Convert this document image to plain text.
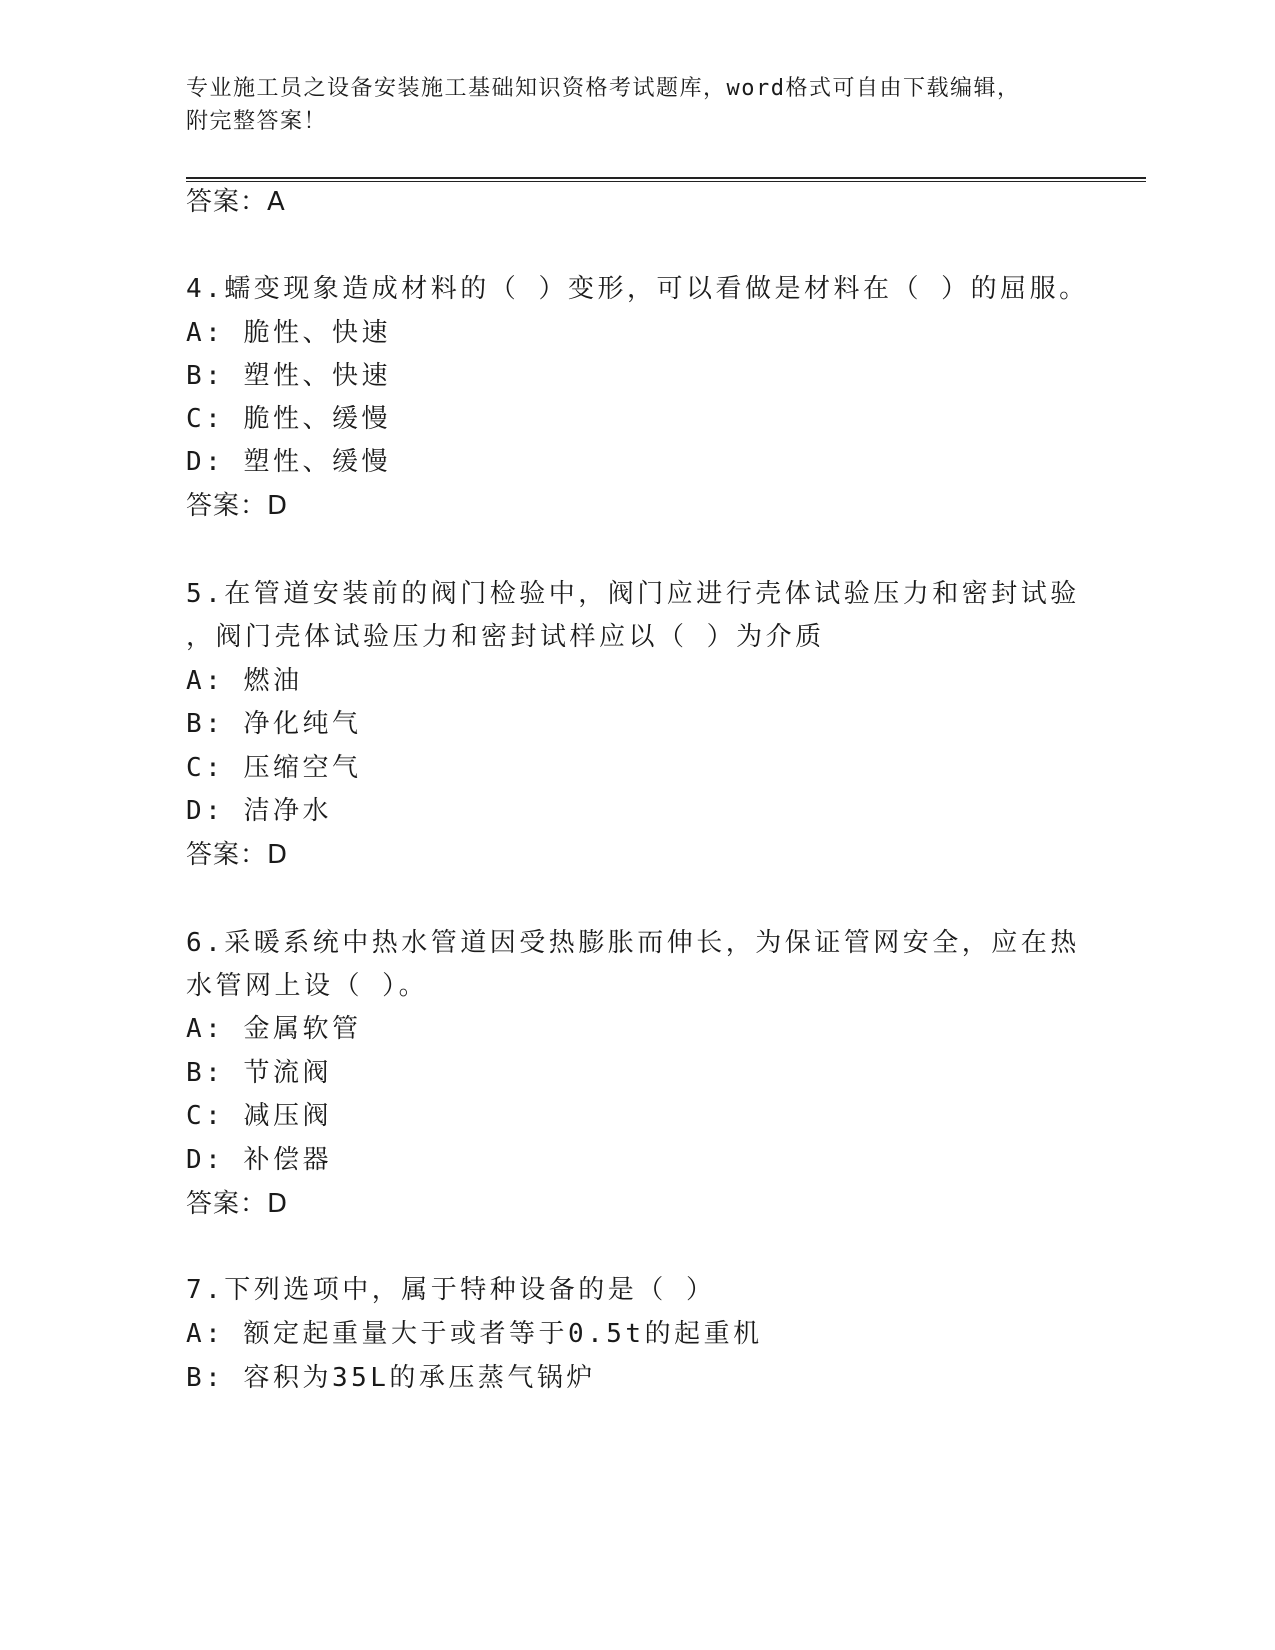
专业施工员之设备安装施工基础知识资格考试题库，word格式可自由下载编辑，
附完整答案！
答案：A
4.蠕变现象造成材料的（ ）变形，可以看做是材料在（ ）的屈服。
A: 脆性、快速
B: 塑性、快速
C: 脆性、缓慢
D: 塑性、缓慢
答案：D
5.在管道安装前的阀门检验中，阀门应进行壳体试验压力和密封试验
，阀门壳体试验压力和密封试样应以（ ）为介质
A: 燃油
B: 净化纯气
C: 压缩空气
D: 洁净水
答案：D
6.采暖系统中热水管道因受热膨胀而伸长，为保证管网安全，应在热
水管网上设（ ）。
A: 金属软管
B: 节流阀
C: 减压阀
D: 补偿器
答案：D
7.下列选项中，属于特种设备的是（ ）
A: 额定起重量大于或者等于0.5t的起重机
B: 容积为35L的承压蒸气锅炉
